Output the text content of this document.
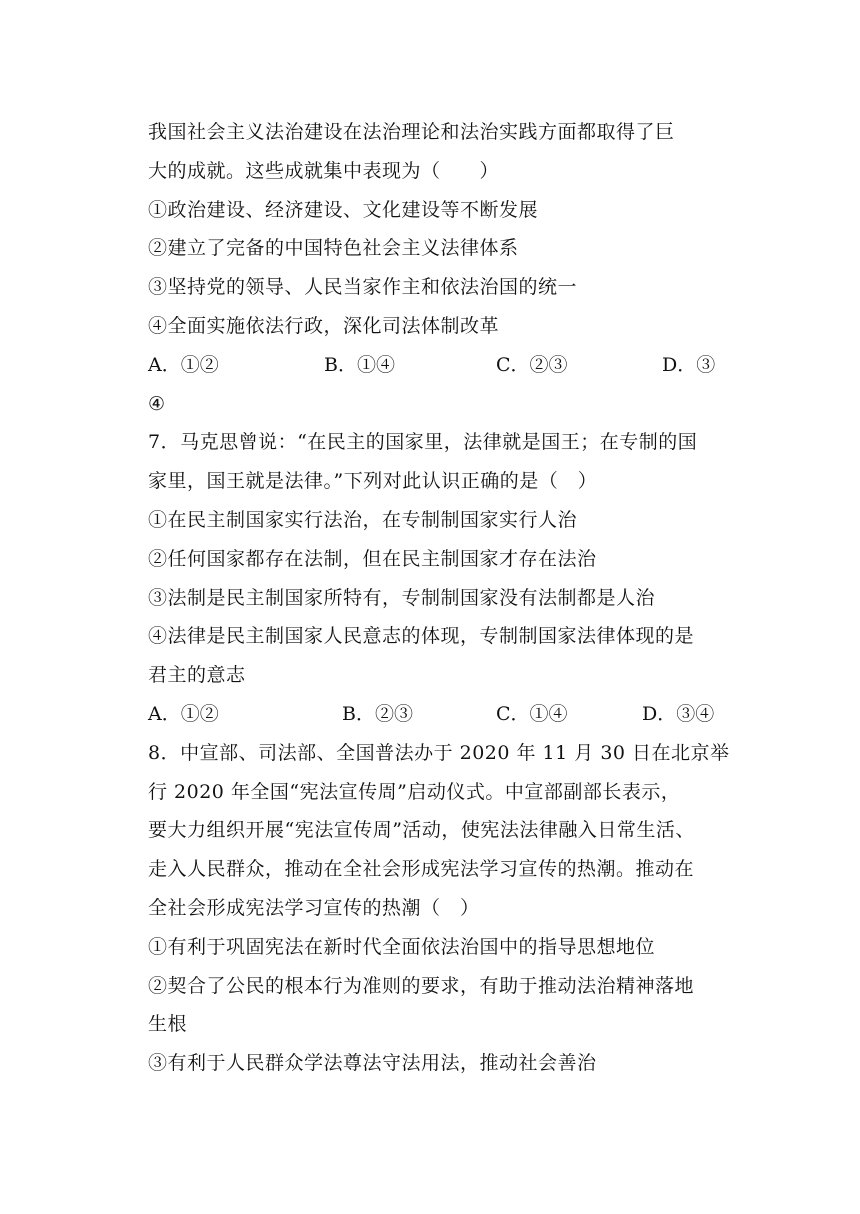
我国社会主义法治建设在法治理论和法治实践方面都取得了巨
大的成就。这些成就集中表现为（　　）
①政治建设、经济建设、文化建设等不断发展
②建立了完备的中国特色社会主义法律体系
③坚持党的领导、人民当家作主和依法治国的统一
④全面实施依法行政，深化司法体制改革
A．①②	B．①④	C．②③	D．③
④
7．马克思曾说：“在民主的国家里，法律就是国王；在专制的国
家里，国王就是法律。”下列对此认识正确的是（　）
①在民主制国家实行法治，在专制制国家实行人治
②任何国家都存在法制，但在民主制国家才存在法治
③法制是民主制国家所特有，专制制国家没有法制都是人治
④法律是民主制国家人民意志的体现，专制制国家法律体现的是
君主的意志
A．①②	B．②③	C．①④	D．③④
8．中宣部、司法部、全国普法办于 2020 年 11 月 30 日在北京举
行 2020 年全国“宪法宣传周”启动仪式。中宣部副部长表示，
要大力组织开展“宪法宣传周”活动，使宪法法律融入日常生活、
走入人民群众，推动在全社会形成宪法学习宣传的热潮。推动在
全社会形成宪法学习宣传的热潮（　）
①有利于巩固宪法在新时代全面依法治国中的指导思想地位
②契合了公民的根本行为准则的要求，有助于推动法治精神落地
生根
③有利于人民群众学法尊法守法用法，推动社会善治
